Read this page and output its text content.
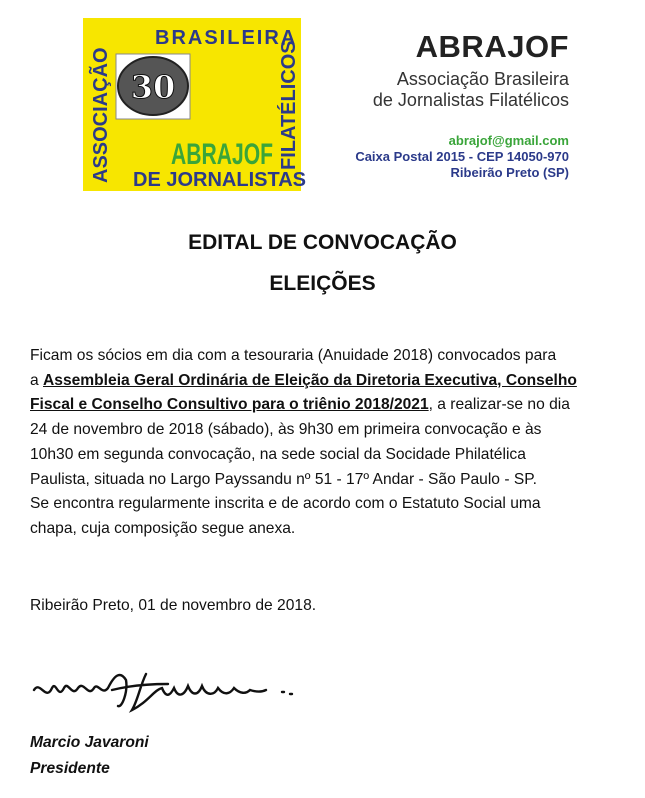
BRASILEIRA
ASSOCIAÇÃO	FILATÉLICOS
DE JORNALISTAS
ABRAJOF
30
ABRAJOF
Associação Brasileira
de Jornalistas Filatélicos
abrajof@gmail.com
Caixa Postal 2015 - CEP 14050-970
Ribeirão Preto (SP)
EDITAL DE CONVOCAÇÃO
ELEIÇÕES
Ficam os sócios em dia com a tesouraria (Anuidade 2018) convocados para
a Assembleia Geral Ordinária de Eleição da Diretoria Executiva, Conselho
Fiscal e Conselho Consultivo para o triênio 2018/2021, a realizar-se no dia
24 de novembro de 2018 (sábado), às 9h30 em primeira convocação e às
10h30 em segunda convocação, na sede social da Socidade Philatélica
Paulista, situada no Largo Payssandu nº 51 - 17º Andar - São Paulo - SP.
Se encontra regularmente inscrita e de acordo com o Estatuto Social uma
chapa, cuja composição segue anexa.
Ribeirão Preto, 01 de novembro de 2018.
Marcio Javaroni
Presidente
